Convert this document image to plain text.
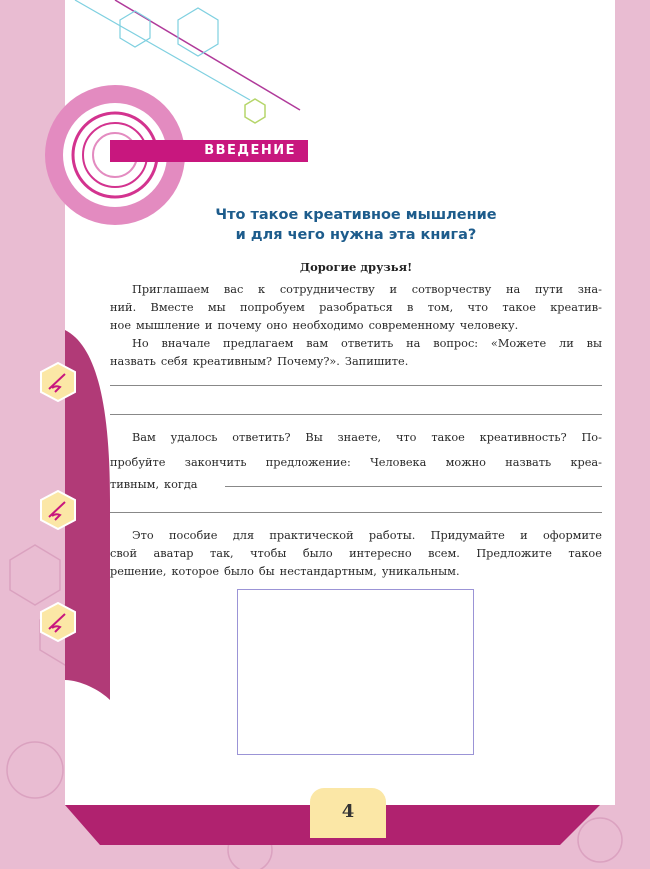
ВВЕДЕНИЕ
Что такое креативное мышление
и для чего нужна эта книга?
Дорогие друзья!
Приглашаем вас к сотрудничеству и сотворчеству на пути зна-
ний. Вместе мы попробуем разобраться в том, что такое креатив-
ное мышление и почему оно необходимо современному человеку.
Но вначале предлагаем вам ответить на вопрос: «Можете ли вы
назвать себя креативным? Почему?». Запишите.
Вам удалось ответить? Вы знаете, что такое креативность? По-
пробуйте закончить предложение: Человека можно назвать креа-
тивным, когда
Это пособие для практической работы. Придумайте и оформите
свой аватар так, чтобы было интересно всем. Предложите такое
решение, которое было бы нестандартным, уникальным.
4
